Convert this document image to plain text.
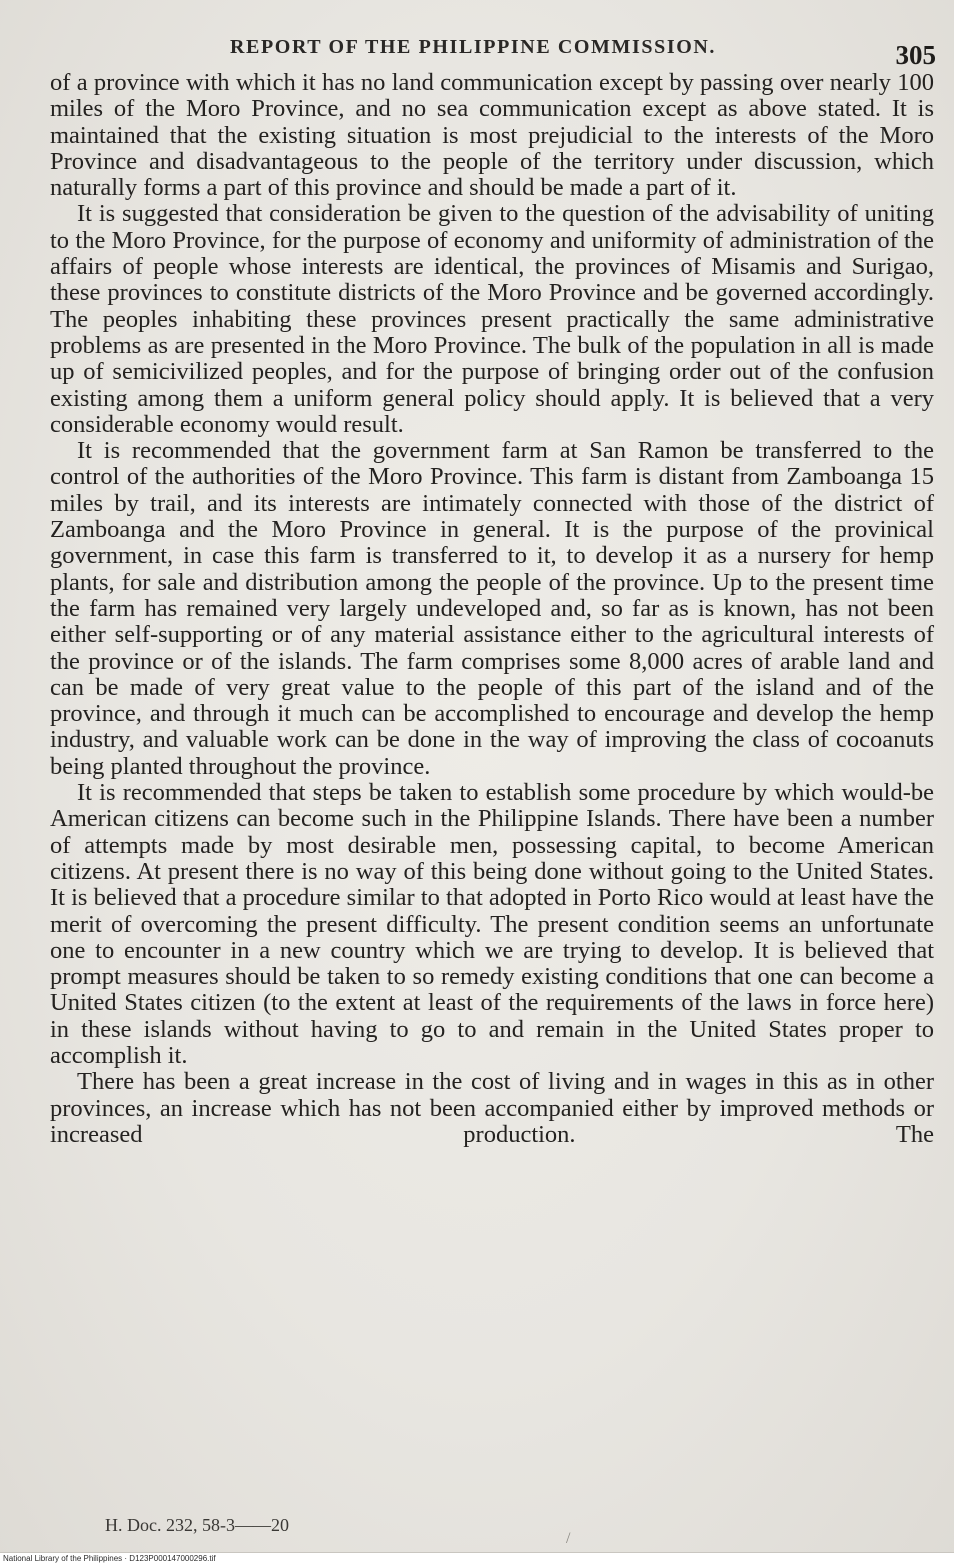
REPORT OF THE PHILIPPINE COMMISSION.	305

of a province with which it has no land communication except by passing over nearly 100 miles of the Moro Province, and no sea communication except as above stated. It is maintained that the existing situation is most prejudicial to the interests of the Moro Province and disadvantageous to the people of the territory under discussion, which naturally forms a part of this province and should be made a part of it.

It is suggested that consideration be given to the question of the advisability of uniting to the Moro Province, for the purpose of economy and uniformity of administration of the affairs of people whose interests are identical, the provinces of Misamis and Surigao, these provinces to constitute districts of the Moro Province and be governed accordingly. The peoples inhabiting these provinces present practically the same administrative problems as are presented in the Moro Province. The bulk of the population in all is made up of semicivilized peoples, and for the purpose of bringing order out of the confusion existing among them a uniform general policy should apply. It is believed that a very considerable economy would result.

It is recommended that the government farm at San Ramon be transferred to the control of the authorities of the Moro Province. This farm is distant from Zamboanga 15 miles by trail, and its interests are intimately connected with those of the district of Zamboanga and the Moro Province in general. It is the purpose of the provinical government, in case this farm is transferred to it, to develop it as a nursery for hemp plants, for sale and distribution among the people of the province. Up to the present time the farm has remained very largely undeveloped and, so far as is known, has not been either self-supporting or of any material assistance either to the agricultural interests of the province or of the islands. The farm comprises some 8,000 acres of arable land and can be made of very great value to the people of this part of the island and of the province, and through it much can be accomplished to encourage and develop the hemp industry, and valuable work can be done in the way of improving the class of cocoanuts being planted throughout the province.

It is recommended that steps be taken to establish some procedure by which would-be American citizens can become such in the Philippine Islands. There have been a number of attempts made by most desirable men, possessing capital, to become American citizens. At present there is no way of this being done without going to the United States. It is believed that a procedure similar to that adopted in Porto Rico would at least have the merit of overcoming the present difficulty. The present condition seems an unfortunate one to encounter in a new country which we are trying to develop. It is believed that prompt measures should be taken to so remedy existing conditions that one can become a United States citizen (to the extent at least of the requirements of the laws in force here) in these islands without having to go to and remain in the United States proper to accomplish it.

There has been a great increase in the cost of living and in wages in this as in other provinces, an increase which has not been accompanied either by improved methods or increased production. The

H. Doc. 232, 58-3——20
/
National Library of the Philippines · D123P000147000296.tif
